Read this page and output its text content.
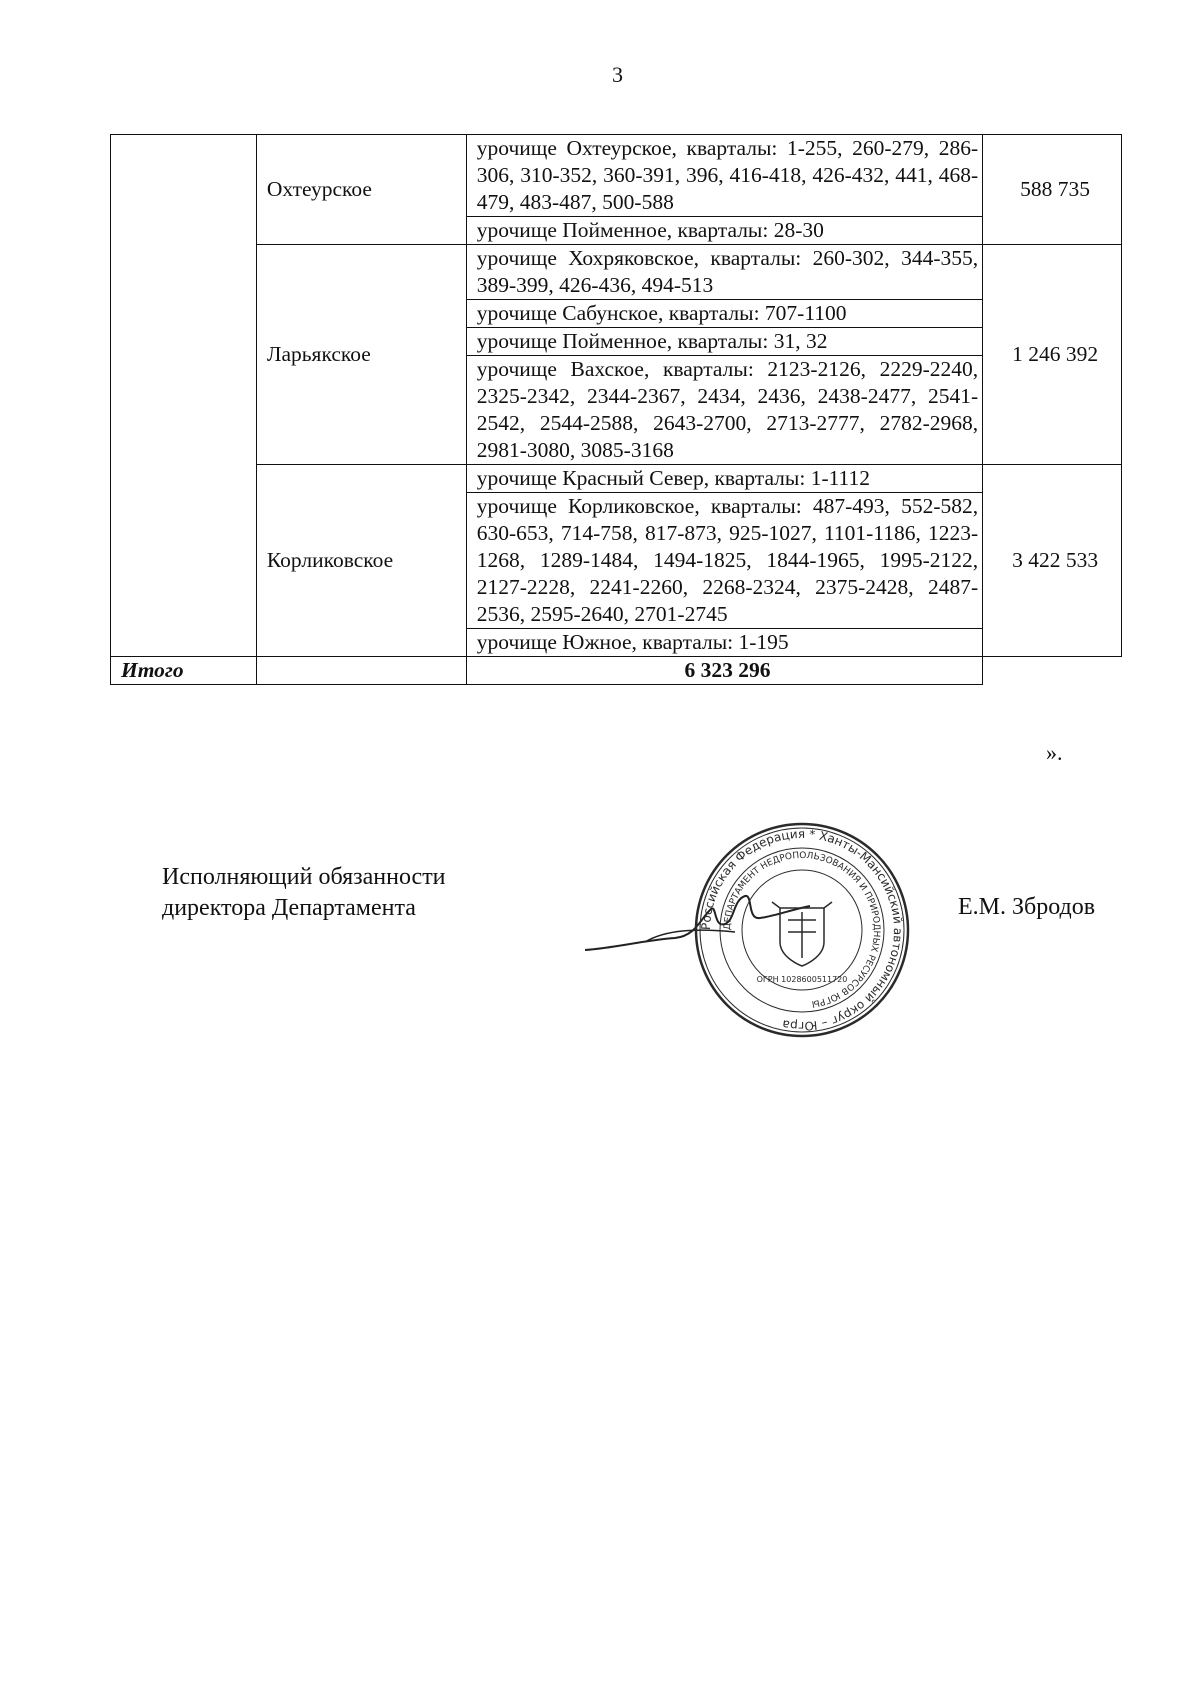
3
	Охтеурское	урочище Охтеурское, кварталы: 1-255, 260-279, 286-306, 310-352, 360-391, 396, 416-418, 426-432, 441, 468-479, 483-487, 500-588	588 735
		урочище Пойменное, кварталы: 28-30	
	Ларьякское	урочище Хохряковское, кварталы: 260-302, 344-355, 389-399, 426-436, 494-513	1 246 392
		урочище Сабунское, кварталы: 707-1100	
		урочище Пойменное, кварталы: 31, 32	
		урочище Вахское, кварталы: 2123-2126, 2229-2240, 2325-2342, 2344-2367, 2434, 2436, 2438-2477, 2541-2542, 2544-2588, 2643-2700, 2713-2777, 2782-2968, 2981-3080, 3085-3168	
	Корликовское	урочище Красный Север, кварталы: 1-1112	3 422 533
		урочище Корликовское, кварталы: 487-493, 552-582, 630-653, 714-758, 817-873, 925-1027, 1101-1186, 1223-1268, 1289-1484, 1494-1825, 1844-1965, 1995-2122, 2127-2228, 2241-2260, 2268-2324, 2375-2428, 2487-2536, 2595-2640, 2701-2745	
		урочище Южное, кварталы: 1-195	
Итого		6 323 296	
».
Исполняющий обязанности
директора Департамента
Российская Федерация * Ханты-Мансийский автономный округ – Югра
ДЕПАРТАМЕНТ НЕДРОПОЛЬЗОВАНИЯ И ПРИРОДНЫХ РЕСУРСОВ ЮГРЫ
ОГРН 1028600511720
Е.М. Збродов
